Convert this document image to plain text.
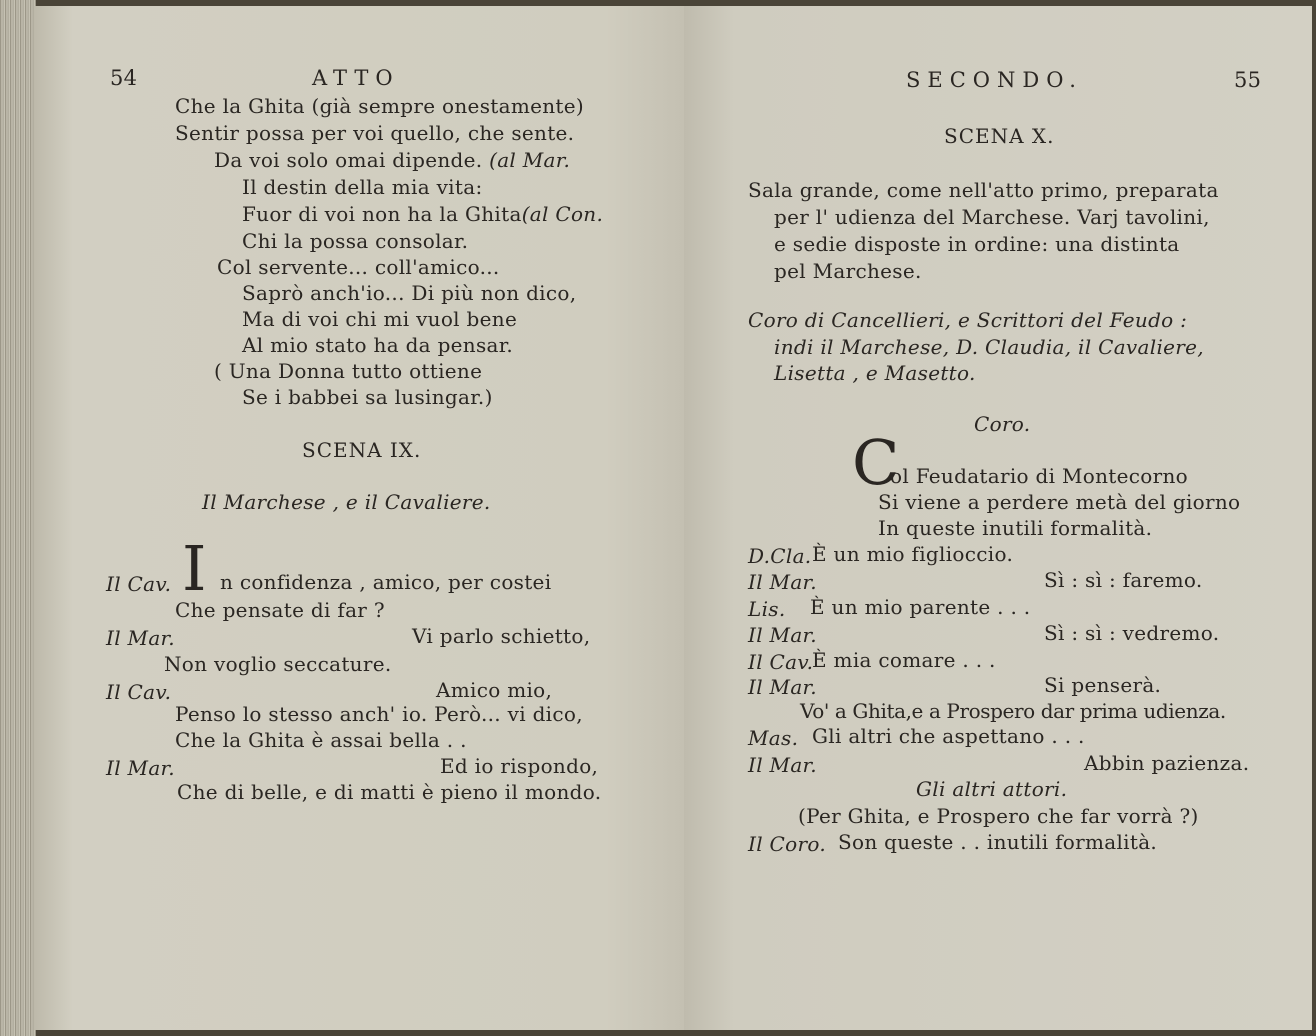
54	ATTO
Che la Ghita (già sempre onestamente)
Sentir possa per voi quello, che sente.
Da voi solo omai dipende. (al Mar.
Il destin della mia vita:
Fuor di voi non ha la Ghita(al Con.
Chi la possa consolar.
Col servente... coll'amico...
Saprò anch'io... Di più non dico,
Ma di voi chi mi vuol bene
Al mio stato ha da pensar.
( Una Donna tutto ottiene
Se i babbei sa lusingar.)
SCENA IX.
Il Marchese , e il Cavaliere.
Il Cav. I n confidenza , amico, per costei
Che pensate di far ?
Il Mar.	Vi parlo schietto,
Non voglio seccature.
Il Cav.	Amico mio,
Penso lo stesso anch' io. Però... vi dico,
Che la Ghita è assai bella . .
Il Mar.	Ed io rispondo,
Che di belle, e di matti è pieno il mondo.
SECONDO.	55
SCENA X.
Sala grande, come nell'atto primo, preparata
per l' udienza del Marchese. Varj tavolini,
e sedie disposte in ordine: una distinta
pel Marchese.
Coro di Cancellieri, e Scrittori del Feudo :
indi il Marchese, D. Claudia, il Cavaliere,
Lisetta , e Masetto.
Coro.
C
ol Feudatario di Montecorno
Si viene a perdere metà del giorno
In queste inutili formalità.
D.Cla. È un mio figlioccio.
Il Mar.	Sì : sì : faremo.
Lis. È un mio parente . . .
Il Mar.	Sì : sì : vedremo.
Il Cav.
È mia comare . . .
Il Mar.	Si penserà.
Vo' a Ghita,e a Prospero dar prima udienza.
Mas. Gli altri che aspettano . . .
Il Mar.	Abbin pazienza.
Gli altri attori.
(Per Ghita, e Prospero che far vorrà ?)
Il Coro. Son queste . . inutili formalità.
